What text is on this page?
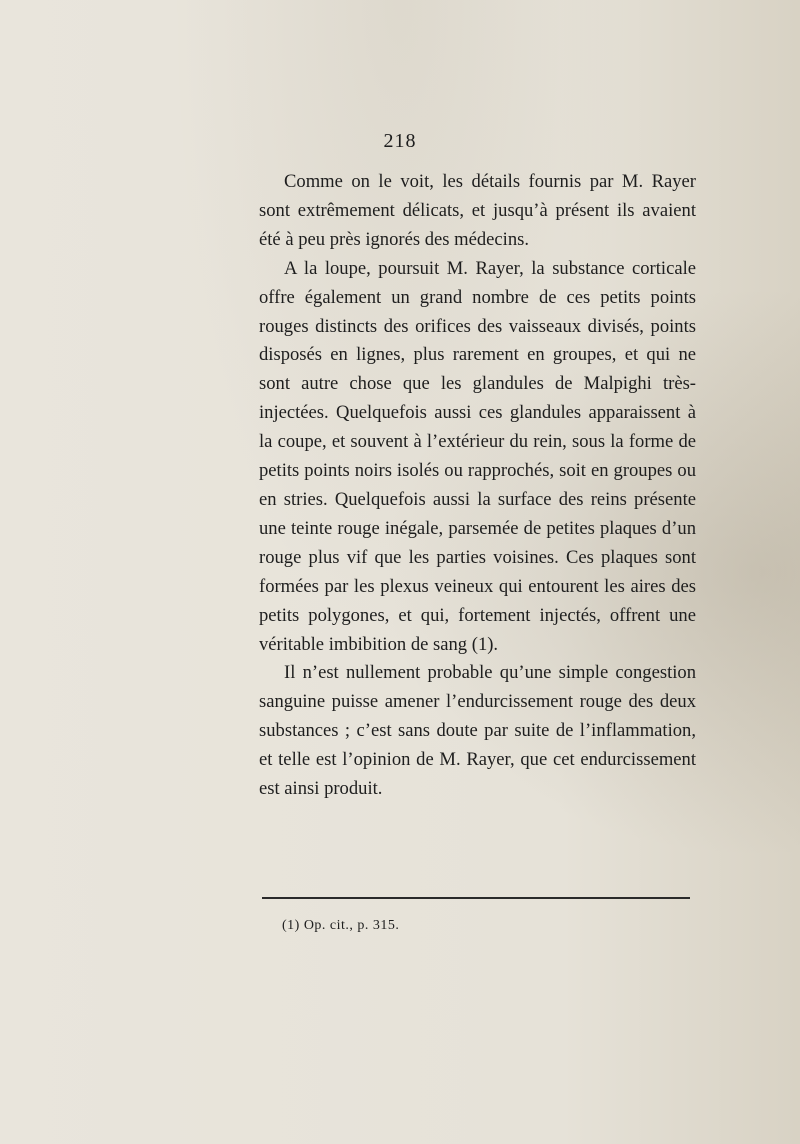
218

Comme on le voit, les détails fournis par M. Rayer sont extrêmement délicats, et jusqu’à présent ils avaient été à peu près ignorés des médecins.

A la loupe, poursuit M. Rayer, la substance corticale offre également un grand nombre de ces petits points rouges distincts des orifices des vaisseaux divisés, points disposés en lignes, plus rarement en groupes, et qui ne sont autre chose que les glandules de Malpighi très-injectées. Quelquefois aussi ces glandules apparaissent à la coupe, et souvent à l’extérieur du rein, sous la forme de petits points noirs isolés ou rapprochés, soit en groupes ou en stries. Quelquefois aussi la surface des reins présente une teinte rouge inégale, parsemée de petites plaques d’un rouge plus vif que les parties voisines. Ces plaques sont formées par les plexus veineux qui entourent les aires des petits polygones, et qui, fortement injectés, offrent une véritable imbibition de sang (1).

Il n’est nullement probable qu’une simple congestion sanguine puisse amener l’endurcissement rouge des deux substances ; c’est sans doute par suite de l’inflammation, et telle est l’opinion de M. Rayer, que cet endurcissement est ainsi produit.

(1) Op. cit., p. 315.
